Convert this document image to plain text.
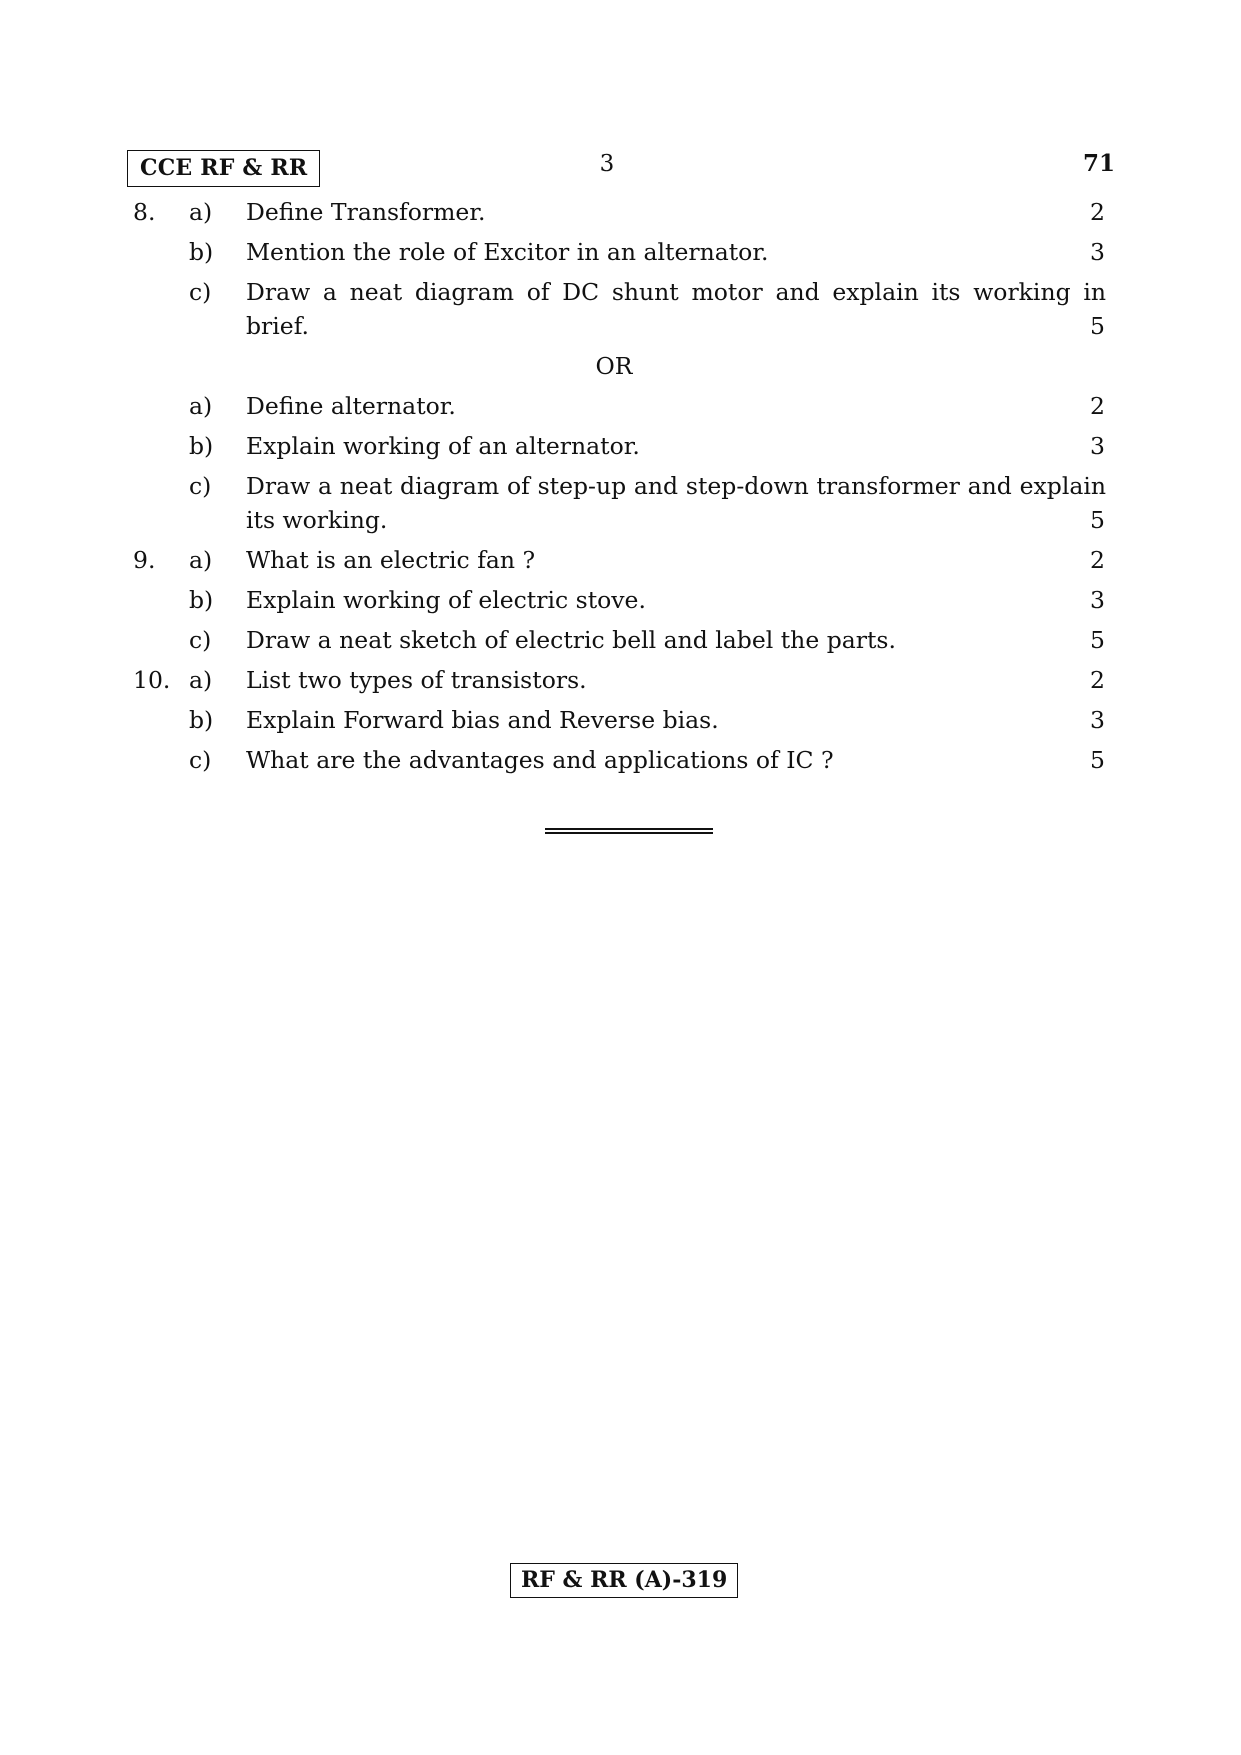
CCE RF & RR	3	71
8.	a)	Define Transformer.	2
b)	Mention the role of Excitor in an alternator.	3
c)	Draw a neat diagram of DC shunt motor and explain its working in brief.	5
OR
a)	Define alternator.	2
b)	Explain working of an alternator.	3
c)	Draw a neat diagram of step-up and step-down transformer and explain its working.	5
9.	a)	What is an electric fan ?	2
b)	Explain working of electric stove.	3
c)	Draw a neat sketch of electric bell and label the parts.	5
10. a)	List two types of transistors.	2
b)	Explain Forward bias and Reverse bias.	3
c)	What are the advantages and applications of IC ?	5
RF & RR (A)-319
